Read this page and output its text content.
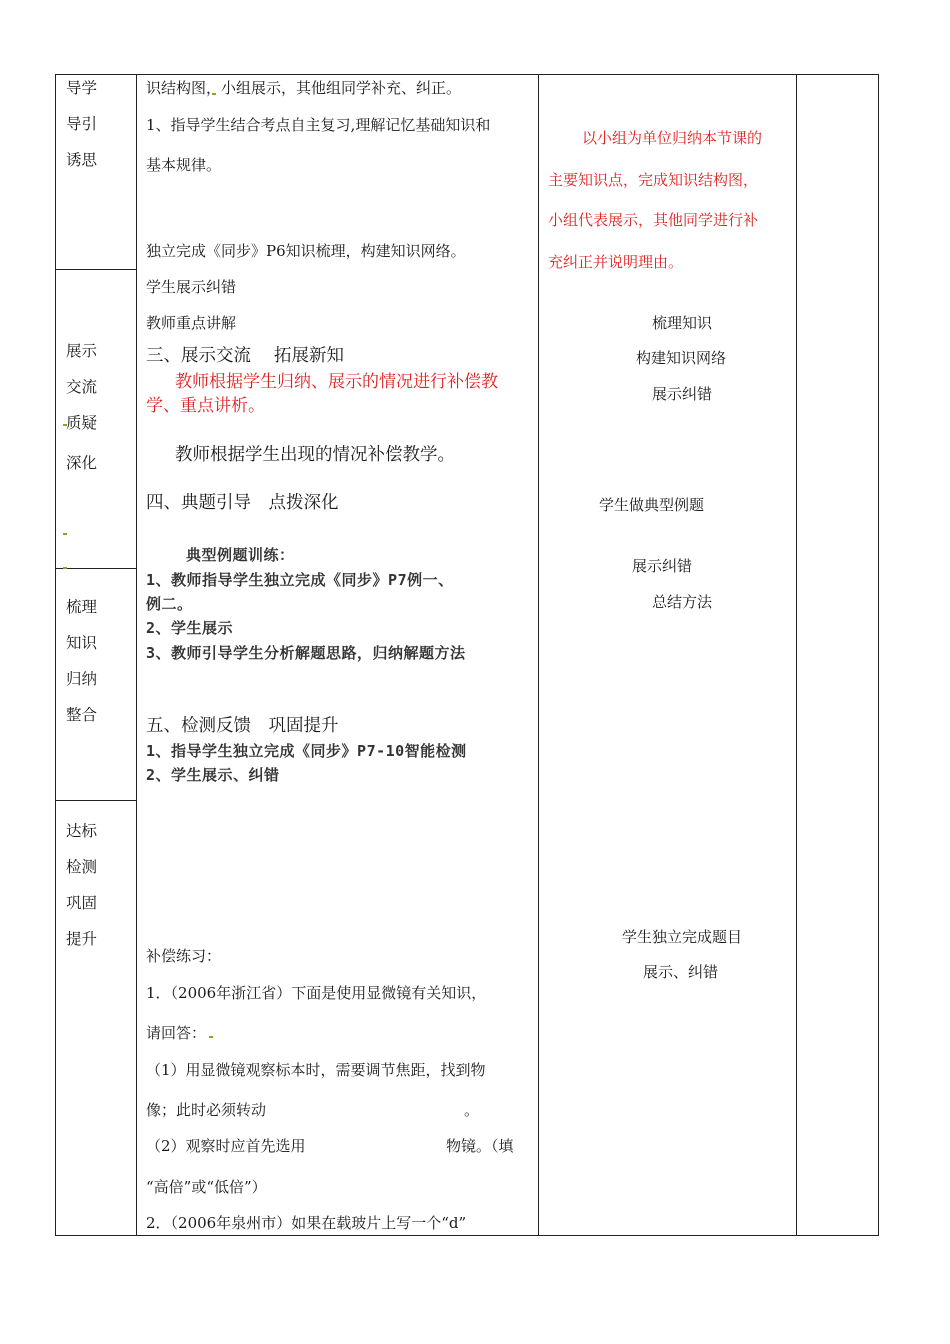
导学
导引
诱思
展示
交流
质疑
深化
梳理
知识
归纳
整合
达标
检测
巩固
提升
识结构图，小组展示，其他组同学补充、纠正。
1、指导学生结合考点自主复习,理解记忆基础知识和
基本规律。
独立完成《同步》P6知识梳理，构建知识网络。
学生展示纠错
教师重点讲解
三、展示交流　 拓展新知
教师根据学生归纳、展示的情况进行补偿教
学、重点讲析。
教师根据学生出现的情况补偿教学。
四、典题引导　点拨深化
典型例题训练：
1、教师指导学生独立完成《同步》P7例一、
例二。
2、学生展示
3、教师引导学生分析解题思路，归纳解题方法
五、检测反馈　巩固提升
1、指导学生独立完成《同步》P7-10智能检测
2、学生展示、纠错
补偿练习：
1．（2006年浙江省）下面是使用显微镜有关知识，
请回答：
（1）用显微镜观察标本时，需要调节焦距，找到物
像；此时必须转动	。
（2）观察时应首先选用	物镜。（填
“高倍”或“低倍”）
2．（2006年泉州市）如果在载玻片上写一个“d”
以小组为单位归纳本节课的
主要知识点，完成知识结构图，
小组代表展示，其他同学进行补
充纠正并说明理由。
梳理知识
构建知识网络
展示纠错
学生做典型例题
展示纠错
总结方法
学生独立完成题目
展示、纠错
